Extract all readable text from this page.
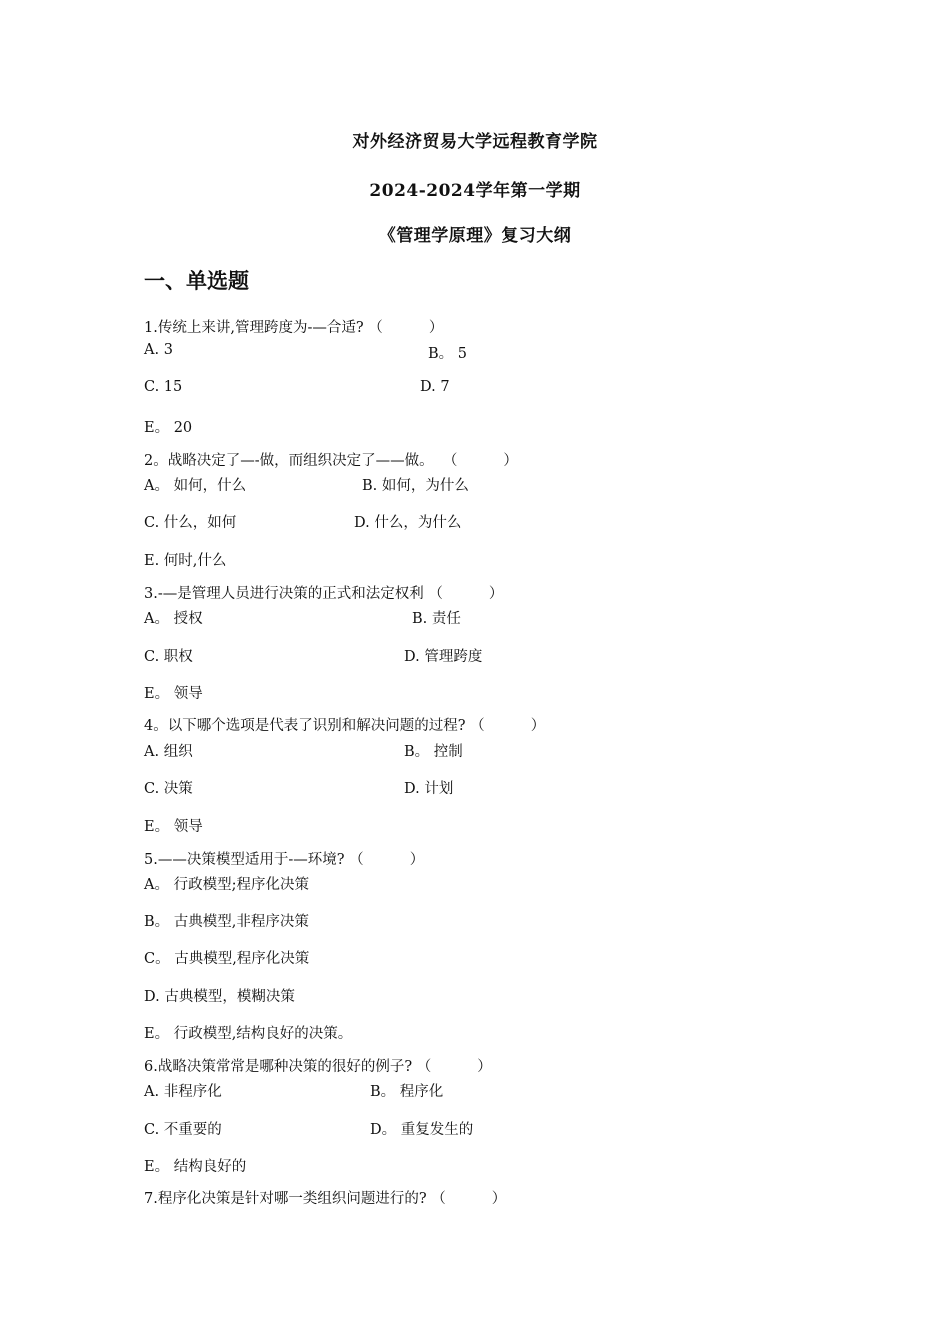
对外经济贸易大学远程教育学院
2024-2024学年第一学期
《管理学原理》复习大纲
一、单选题
1.传统上来讲,管理跨度为-—合适? （          ）
A. 3	B。 5
C. 15	D. 7
E。 20
2。战略决定了—-做，而组织决定了——做。  （          ）
A。 如何，什么	B. 如何，为什么
C. 什么，如何	D. 什么，为什么
E. 何时,什么
3.-—是管理人员进行决策的正式和法定权利 （          ）
A。 授权	B. 责任
C. 职权	D. 管理跨度
E。 领导
4。以下哪个选项是代表了识别和解决问题的过程? （          ）
A. 组织	B。 控制
C. 决策	D. 计划
E。 领导
5.——决策模型适用于-—环境? （          ）
A。 行政模型;程序化决策
B。 古典模型,非程序决策
C。 古典模型,程序化决策
D. 古典模型，模糊决策
E。 行政模型,结构良好的决策。
6.战略决策常常是哪种决策的很好的例子? （          ）
A. 非程序化	B。 程序化
C. 不重要的	D。 重复发生的
E。 结构良好的
7.程序化决策是针对哪一类组织问题进行的? （          ）
